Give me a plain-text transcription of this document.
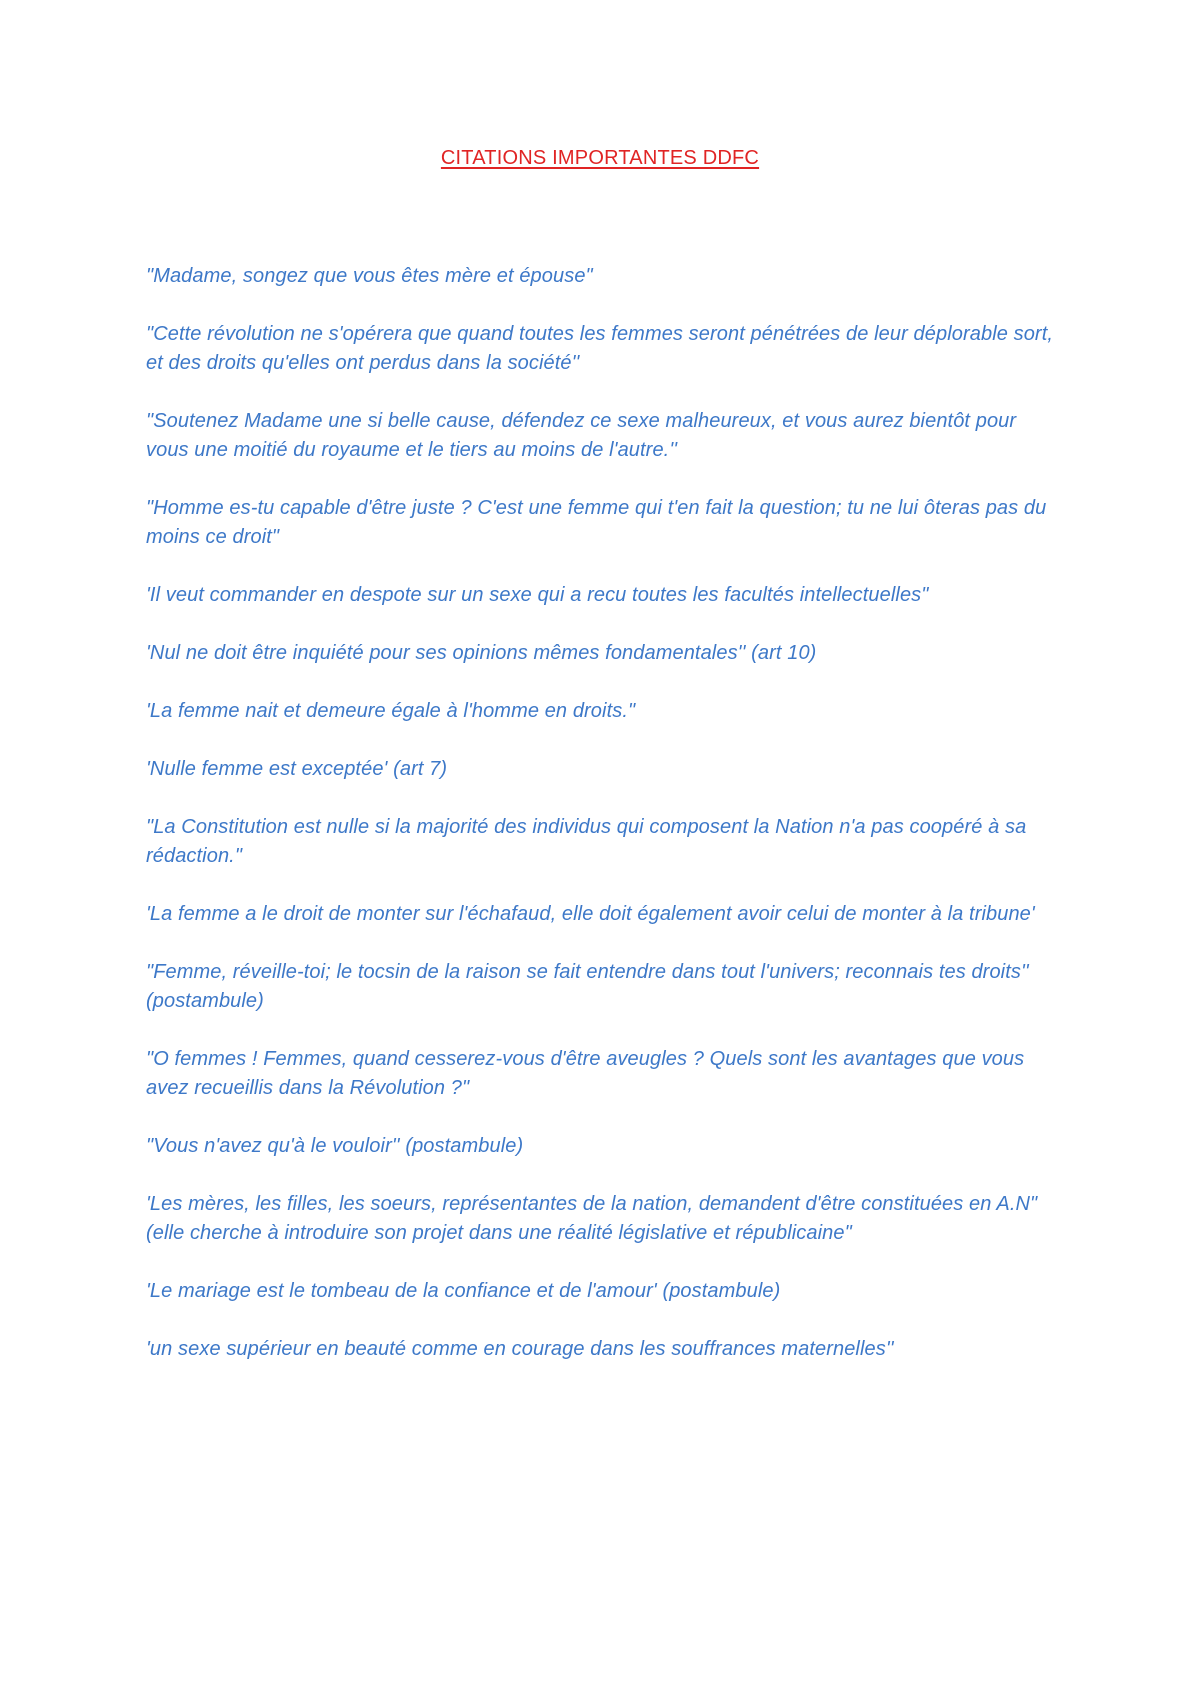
CITATIONS IMPORTANTES DDFC

"Madame, songez que vous êtes mère et épouse"

"Cette révolution ne s'opérera que quand toutes les femmes seront pénétrées de leur déplorable sort, et des droits qu'elles ont perdus dans la société''

"Soutenez Madame une si belle cause, défendez ce sexe malheureux, et vous aurez bientôt pour vous une moitié du royaume et le tiers au moins de l'autre.''

"Homme es-tu capable d'être juste ? C'est une femme qui t'en fait la question; tu ne lui ôteras pas du moins ce droit"

'Il veut commander en despote sur un sexe qui a recu toutes les facultés intellectuelles"

'Nul ne doit être inquiété pour ses opinions mêmes fondamentales'' (art 10)

'La femme nait et demeure égale à l'homme en droits."

'Nulle femme est exceptée' (art 7)

"La Constitution est nulle si la majorité des individus qui composent la Nation n'a pas coopéré à sa rédaction."

'La femme a le droit de monter sur l'échafaud, elle doit également avoir celui de monter à la tribune'

"Femme, réveille-toi; le tocsin de la raison se fait entendre dans tout l'univers; reconnais tes droits'' (postambule)

"O femmes ! Femmes, quand cesserez-vous d'être aveugles ? Quels sont les avantages que vous avez recueillis dans la Révolution ?"

"Vous n'avez qu'à le vouloir'' (postambule)

'Les mères, les filles, les soeurs, représentantes de la nation, demandent d'être constituées en A.N" (elle cherche à introduire son projet dans une réalité législative et républicaine"

'Le mariage est le tombeau de la confiance et de l'amour' (postambule)

'un sexe supérieur en beauté comme en courage dans les souffrances maternelles''
